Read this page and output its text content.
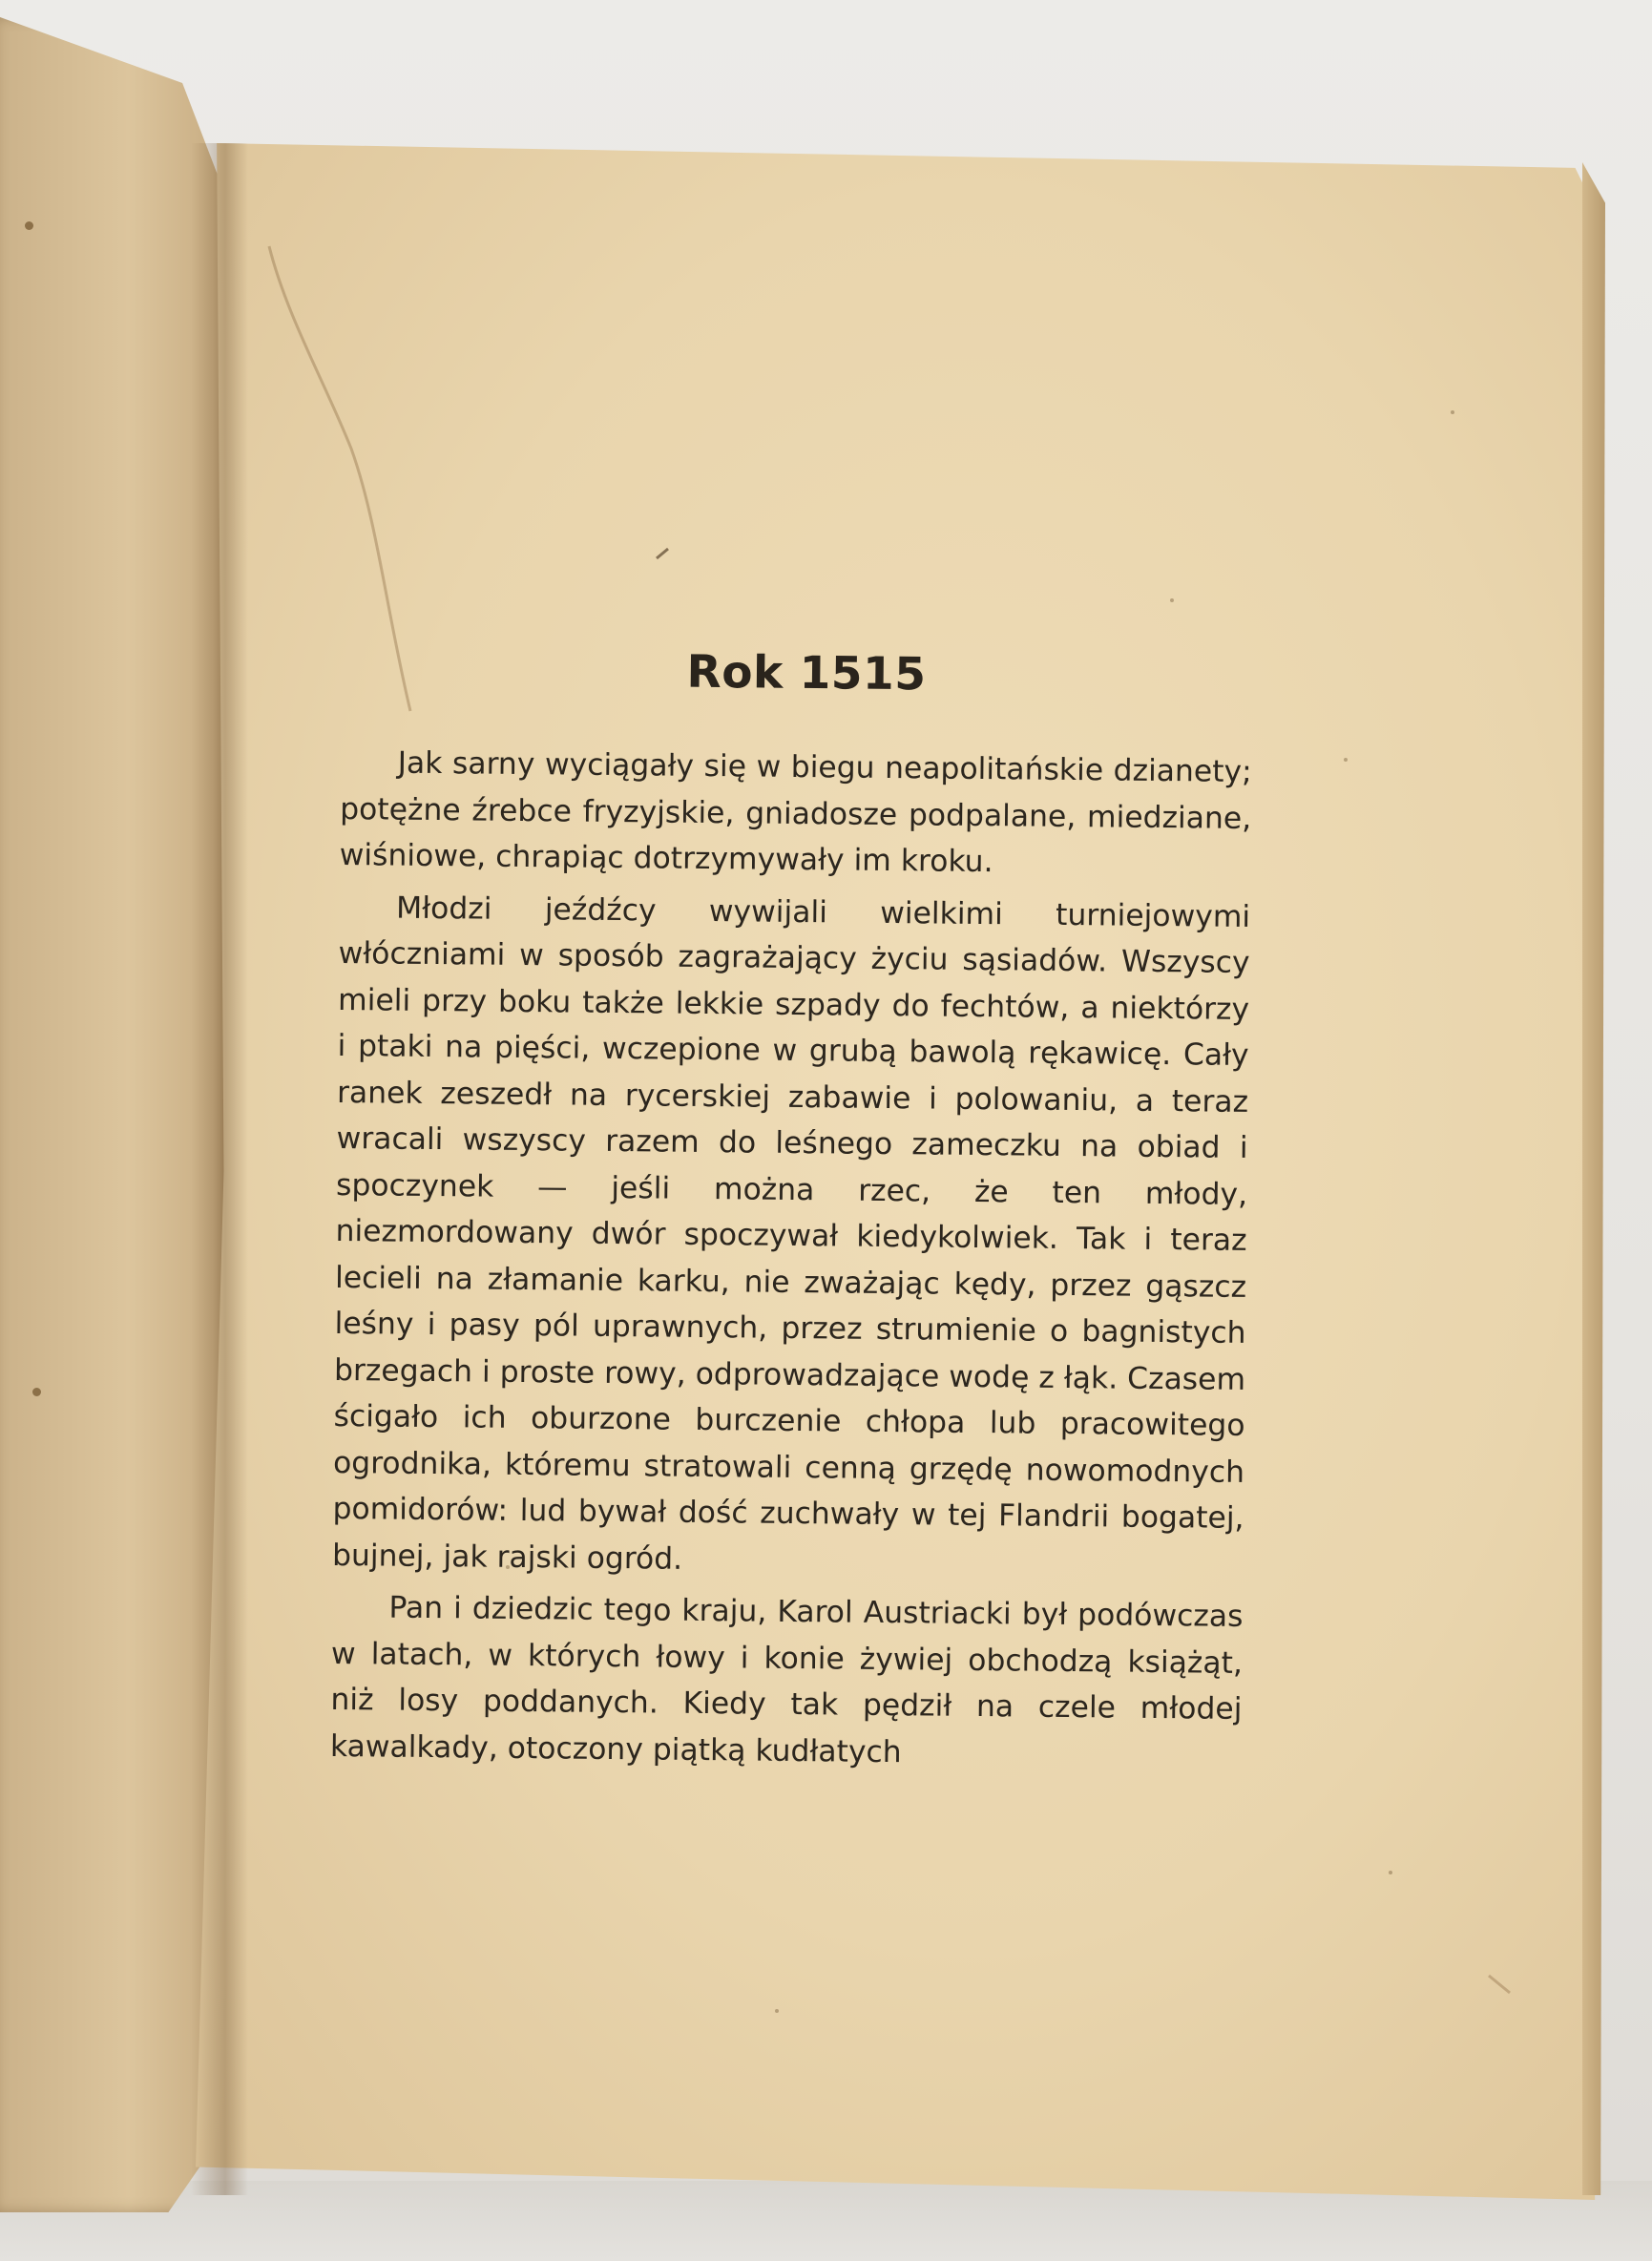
Rok 1515

Jak sarny wyciągały się w biegu neapolitańskie dzianety; potężne źrebce fryzyjskie, gniadosze podpalane, miedziane, wiśniowe, chrapiąc dotrzymywały im kroku.

Młodzi jeźdźcy wywijali wielkimi turniejowymi włóczniami w sposób zagrażający życiu sąsiadów. Wszyscy mieli przy boku także lekkie szpady do fechtów, a niektórzy i ptaki na pięści, wczepione w grubą bawolą rękawicę. Cały ranek zeszedł na rycerskiej zabawie i polowaniu, a teraz wracali wszyscy razem do leśnego zameczku na obiad i spoczynek — jeśli można rzec, że ten młody, niezmordowany dwór spoczywał kiedykolwiek. Tak i teraz lecieli na złamanie karku, nie zważając kędy, przez gąszcz leśny i pasy pól uprawnych, przez strumienie o bagnistych brzegach i proste rowy, odprowadzające wodę z łąk. Czasem ścigało ich oburzone burczenie chłopa lub pracowitego ogrodnika, któremu stratowali cenną grzędę nowomodnych pomidorów: lud bywał dość zuchwały w tej Flandrii bogatej, bujnej, jak rajski ogród.

Pan i dziedzic tego kraju, Karol Austriacki był podówczas w latach, w których łowy i konie żywiej obchodzą książąt, niż losy poddanych. Kiedy tak pędził na czele młodej kawalkady, otoczony piątką kudłatych
